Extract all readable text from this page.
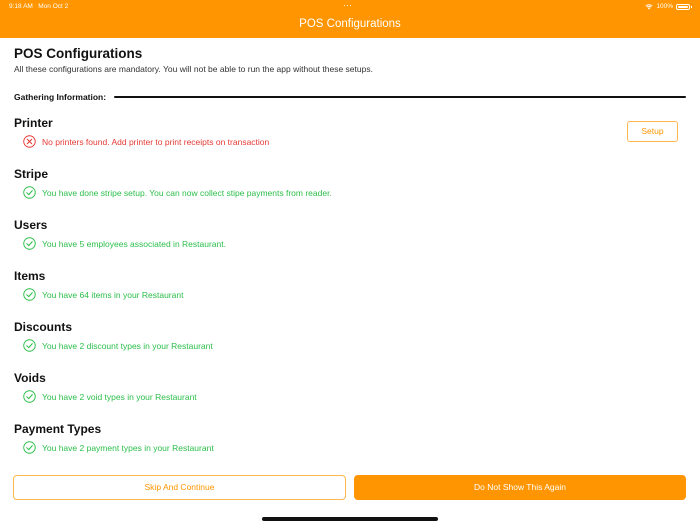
9:18 AM Mon Oct 2	···	100%
POS Configurations
POS Configurations
All these configurations are mandatory. You will not be able to run the app without these setups.
Gathering Information:
Printer
No printers found. Add printer to print receipts on transaction
Stripe
You have done stripe setup. You can now collect stipe payments from reader.
Users
You have 5 employees associated in Restaurant.
Items
You have 64 items in your Restaurant
Discounts
You have 2 discount types in your Restaurant
Voids
You have 2 void types in your Restaurant
Payment Types
You have 2 payment types in your Restaurant
Setup
Skip And Continue	Do Not Show This Again
